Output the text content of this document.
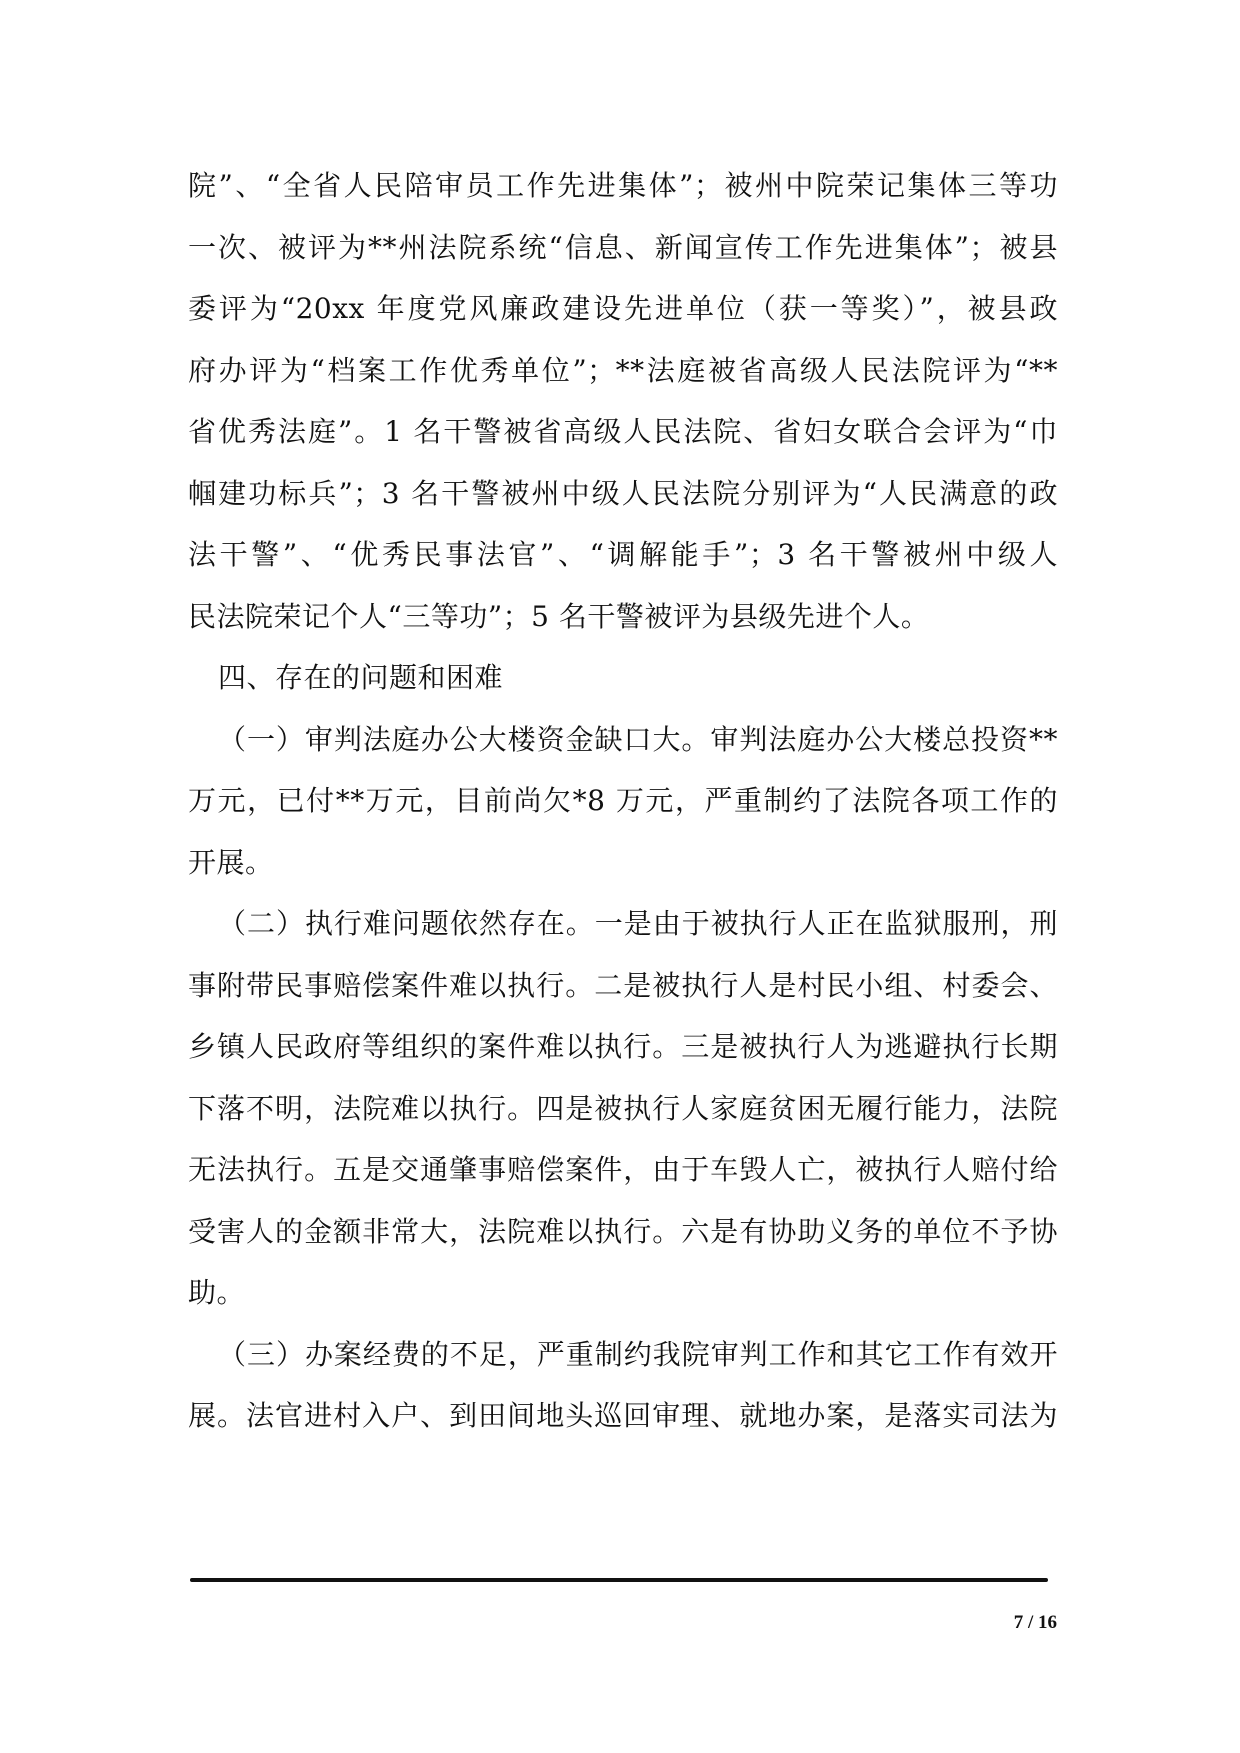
院”、“全省人民陪审员工作先进集体”；被州中院荣记集体三等功
一次、被评为**州法院系统“信息、新闻宣传工作先进集体”；被县
委评为“20xx 年度党风廉政建设先进单位（获一等奖）”，被县政
府办评为“档案工作优秀单位”；**法庭被省高级人民法院评为“**
省优秀法庭”。1 名干警被省高级人民法院、省妇女联合会评为“巾
帼建功标兵”；3 名干警被州中级人民法院分别评为“人民满意的政
法干警”、“优秀民事法官”、“调解能手”；3 名干警被州中级人
民法院荣记个人“三等功”；5 名干警被评为县级先进个人。
四、存在的问题和困难
（一）审判法庭办公大楼资金缺口大。审判法庭办公大楼总投资**
万元，已付**万元，目前尚欠*8 万元，严重制约了法院各项工作的
开展。
（二）执行难问题依然存在。一是由于被执行人正在监狱服刑，刑
事附带民事赔偿案件难以执行。二是被执行人是村民小组、村委会、
乡镇人民政府等组织的案件难以执行。三是被执行人为逃避执行长期
下落不明，法院难以执行。四是被执行人家庭贫困无履行能力，法院
无法执行。五是交通肇事赔偿案件，由于车毁人亡，被执行人赔付给
受害人的金额非常大，法院难以执行。六是有协助义务的单位不予协
助。
（三）办案经费的不足，严重制约我院审判工作和其它工作有效开
展。法官进村入户、到田间地头巡回审理、就地办案，是落实司法为
7 / 16
